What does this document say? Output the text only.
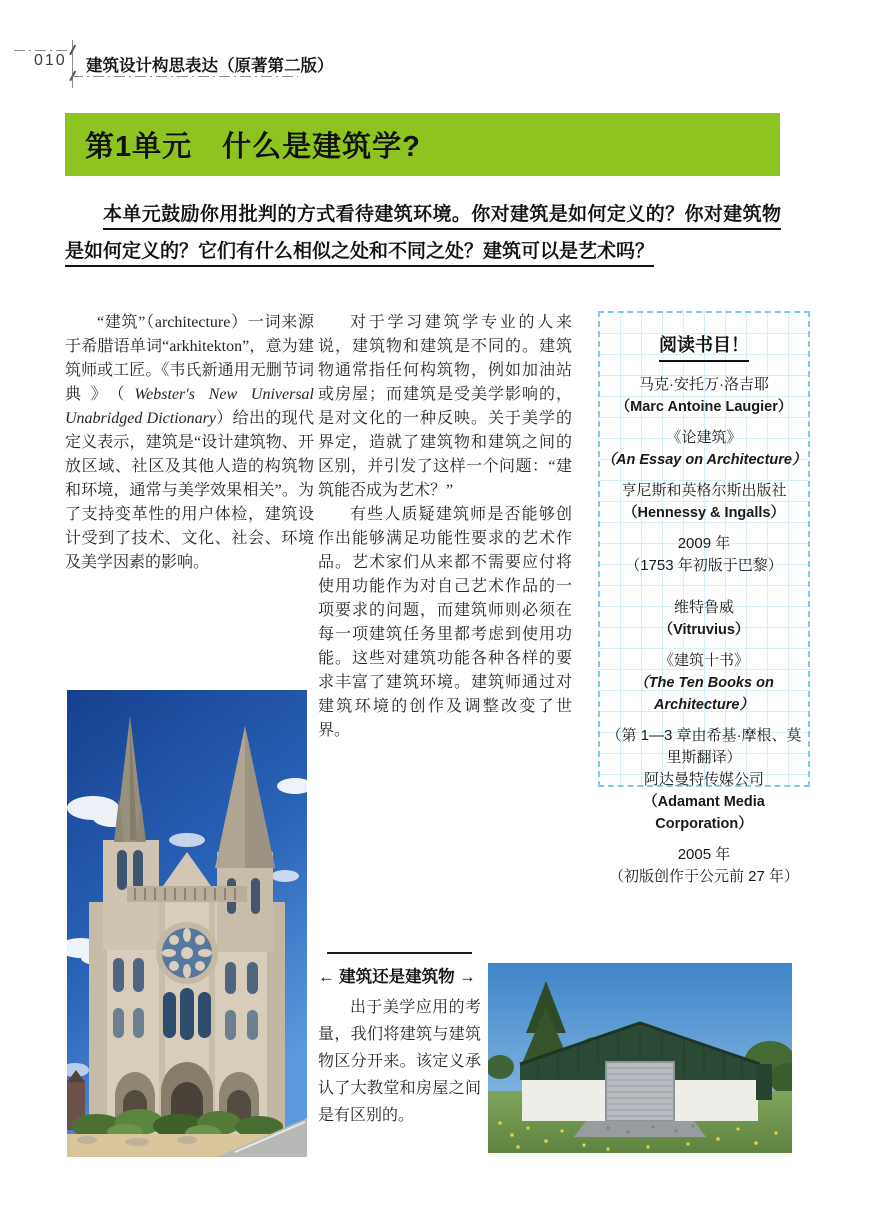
010 建筑设计构思表达（原著第二版）
第1单元　什么是建筑学?

本单元鼓励你用批判的方式看待建筑环境。你对建筑是如何定义的？你对建筑物是如何定义的？它们有什么相似之处和不同之处？建筑可以是艺术吗？

“建筑”（architecture）一词来源于希腊语单词“arkhitekton”，意为建筑师或工匠。《韦氏新通用无删节词典》（Webster's New Universal Unabridged Dictionary）给出的现代定义表示，建筑是“设计建筑物、开放区域、社区及其他人造的构筑物和环境，通常与美学效果相关”。为了支持变革性的用户体检，建筑设计受到了技术、文化、社会、环境及美学因素的影响。

对于学习建筑学专业的人来说，建筑物和建筑是不同的。建筑物通常指任何构筑物，例如加油站或房屋；而建筑是受美学影响的，是对文化的一种反映。关于美学的界定，造就了建筑物和建筑之间的区别，并引发了这样一个问题：“建筑能否成为艺术？”

有些人质疑建筑师是否能够创作出能够满足功能性要求的艺术作品。艺术家们从来都不需要应付将使用功能作为对自己艺术作品的一项要求的问题，而建筑师则必须在每一项建筑任务里都考虑到使用功能。这些对建筑功能各种各样的要求丰富了建筑环境。建筑师通过对建筑环境的创作及调整改变了世界。

阅读书目！
马克·安托万·洛吉耶
（Marc Antoine Laugier）
《论建筑》
（An Essay on Architecture）
亨尼斯和英格尔斯出版社
（Hennessy & Ingalls）
2009 年
（1753 年初版于巴黎）
维特鲁威
（Vitruvius）
《建筑十书》
（The Ten Books on Architecture）
（第 1—3 章由希基·摩根、莫里斯翻译）
阿达曼特传媒公司
（Adamant Media Corporation）
2005 年
（初版创作于公元前 27 年）
← 建筑还是建筑物 →

出于美学应用的考量，我们将建筑与建筑物区分开来。该定义承认了大教堂和房屋之间是有区别的。
